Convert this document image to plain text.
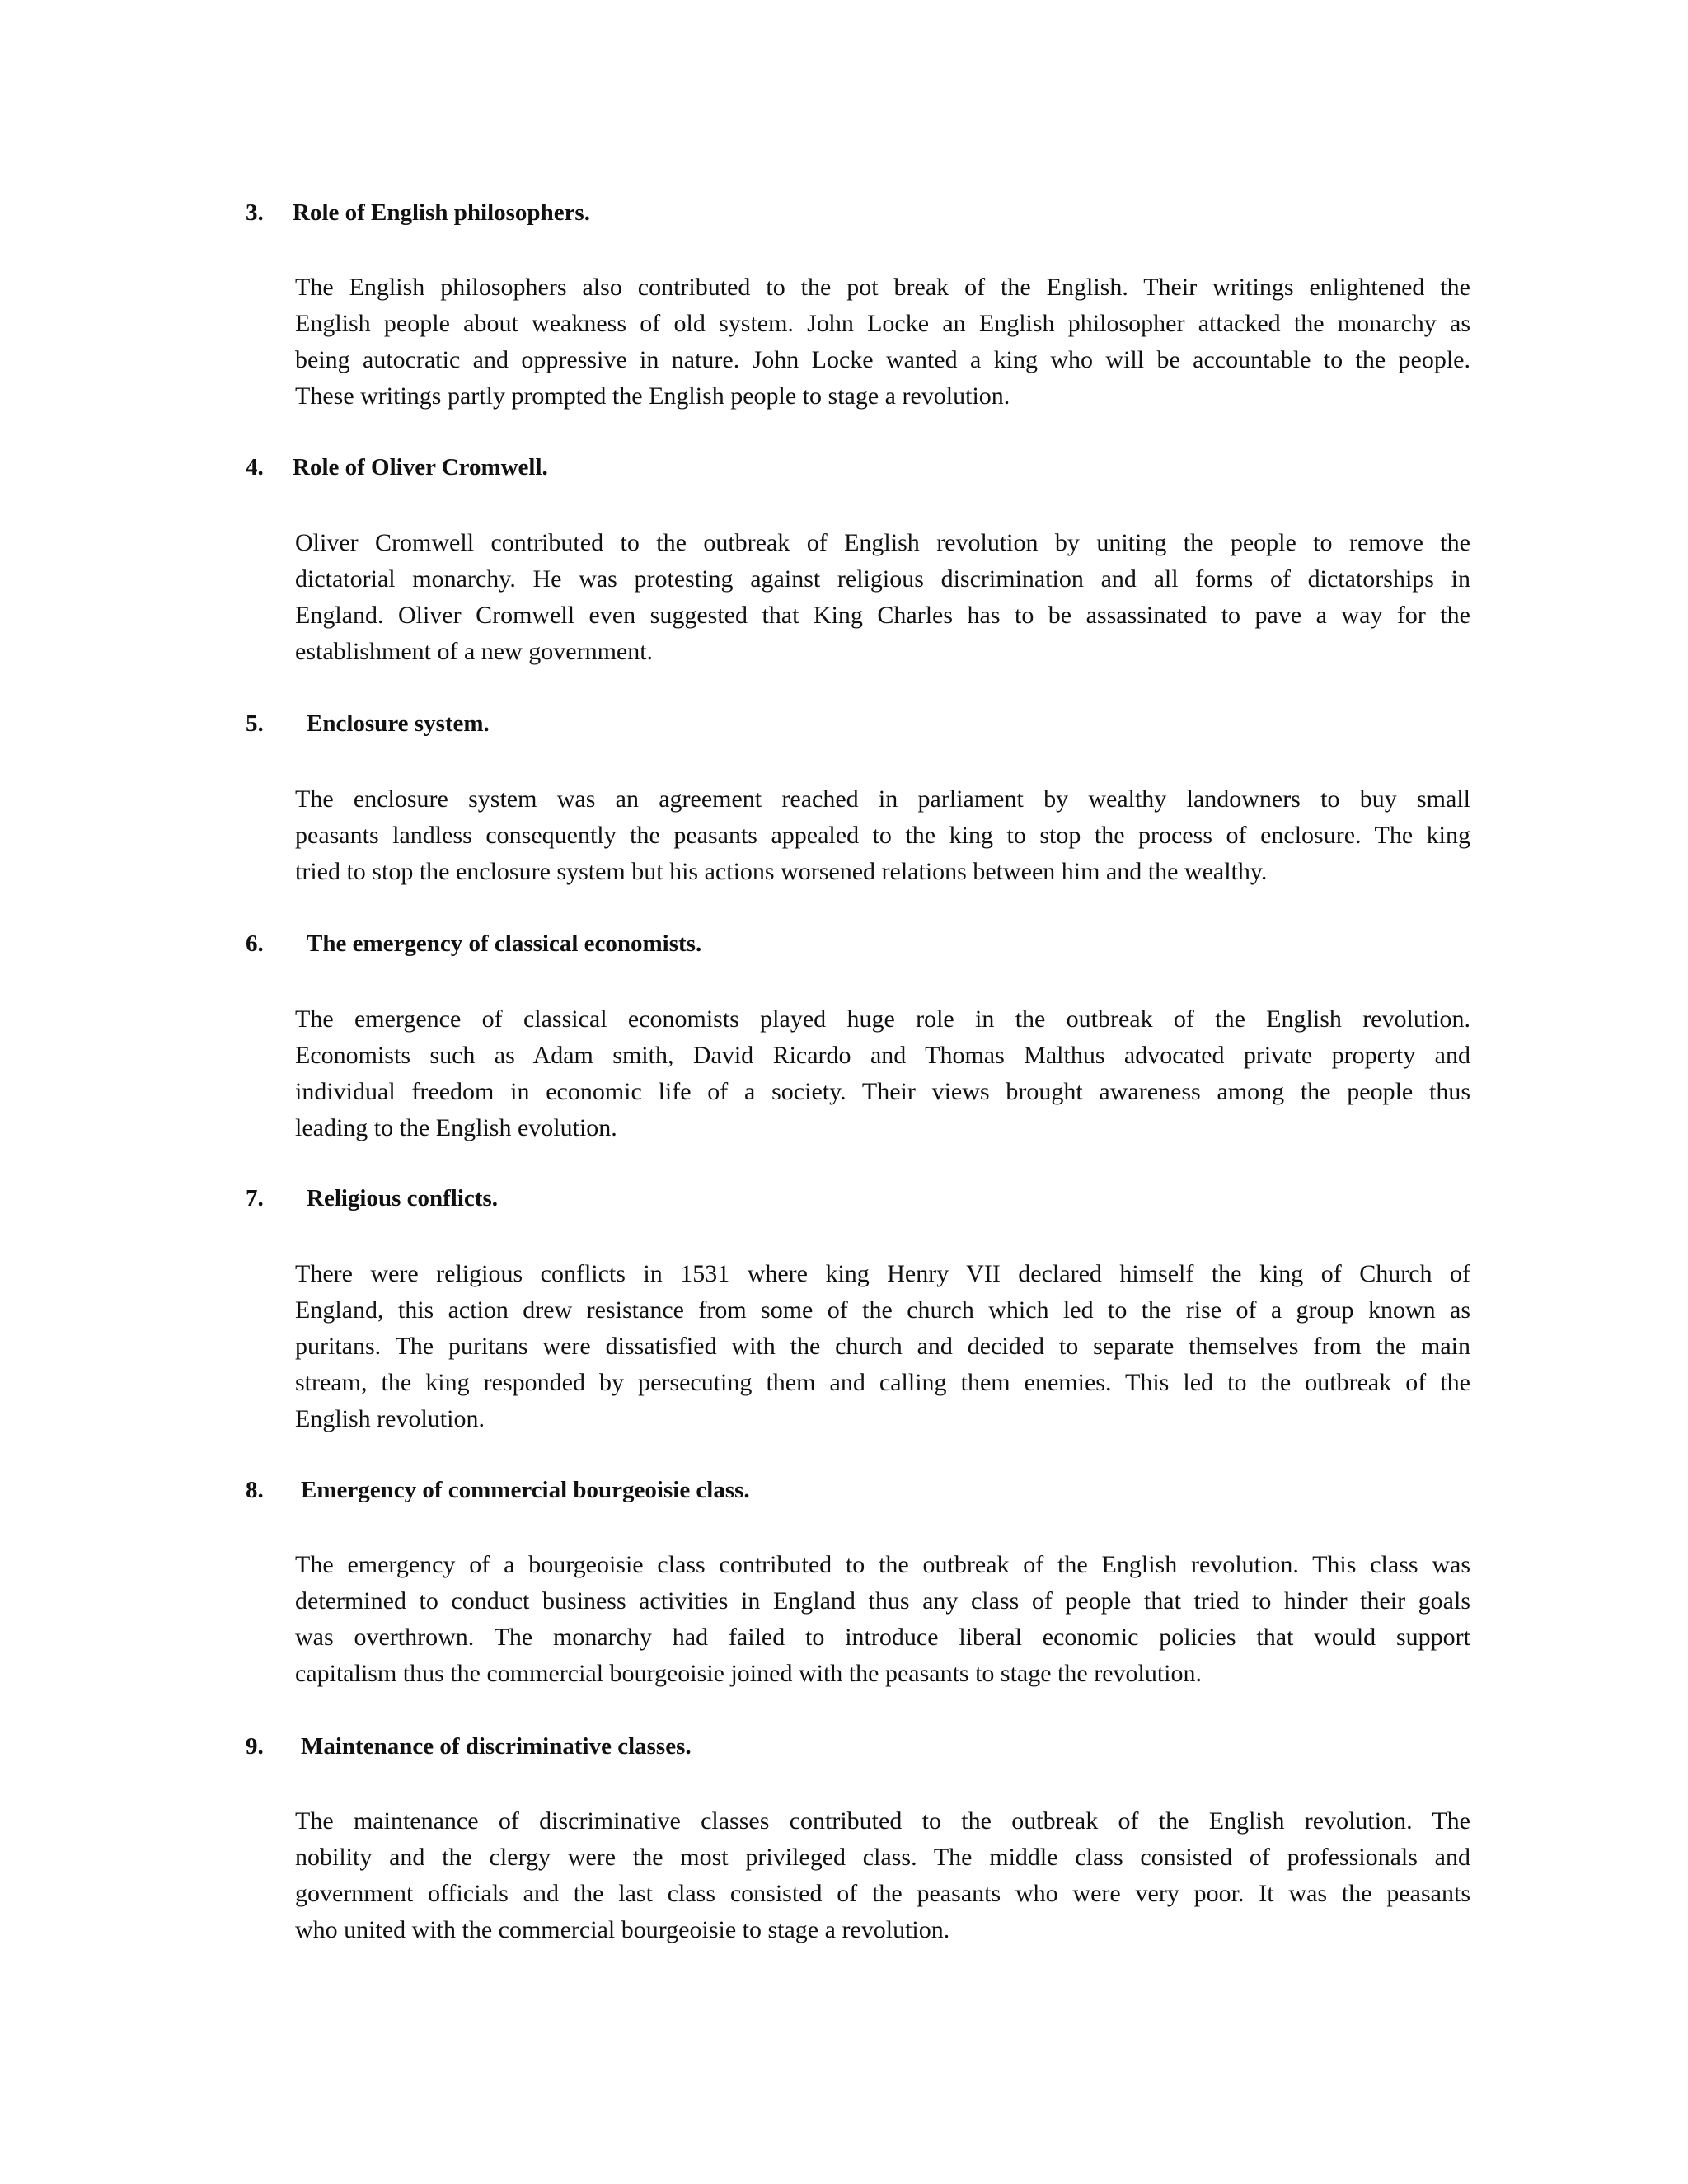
3. Role of English philosophers.
The English philosophers also contributed to the pot break of the English. Their writings enlightened the
English people about weakness of old system. John Locke an English philosopher attacked the monarchy as
being autocratic and oppressive in nature. John Locke wanted a king who will be accountable to the people.
These writings partly prompted the English people to stage a revolution.
4. Role of Oliver Cromwell.
Oliver Cromwell contributed to the outbreak of English revolution by uniting the people to remove the
dictatorial monarchy. He was protesting against religious discrimination and all forms of dictatorships in
England. Oliver Cromwell even suggested that King Charles has to be assassinated to pave a way for the
establishment of a new government.
5. Enclosure system.
The enclosure system was an agreement reached in parliament by wealthy landowners to buy small
peasants landless consequently the peasants appealed to the king to stop the process of enclosure. The king
tried to stop the enclosure system but his actions worsened relations between him and the wealthy.
6. The emergency of classical economists.
The emergence of classical economists played huge role in the outbreak of the English revolution.
Economists such as Adam smith, David Ricardo and Thomas Malthus advocated private property and
individual freedom in economic life of a society. Their views brought awareness among the people thus
leading to the English evolution.
7. Religious conflicts.
There were religious conflicts in 1531 where king Henry VII declared himself the king of Church of
England, this action drew resistance from some of the church which led to the rise of a group known as
puritans. The puritans were dissatisfied with the church and decided to separate themselves from the main
stream, the king responded by persecuting them and calling them enemies. This led to the outbreak of the
English revolution.
8. Emergency of commercial bourgeoisie class.
The emergency of a bourgeoisie class contributed to the outbreak of the English revolution. This class was
determined to conduct business activities in England thus any class of people that tried to hinder their goals
was overthrown. The monarchy had failed to introduce liberal economic policies that would support
capitalism thus the commercial bourgeoisie joined with the peasants to stage the revolution.
9. Maintenance of discriminative classes.
The maintenance of discriminative classes contributed to the outbreak of the English revolution. The
nobility and the clergy were the most privileged class. The middle class consisted of professionals and
government officials and the last class consisted of the peasants who were very poor. It was the peasants
who united with the commercial bourgeoisie to stage a revolution.
